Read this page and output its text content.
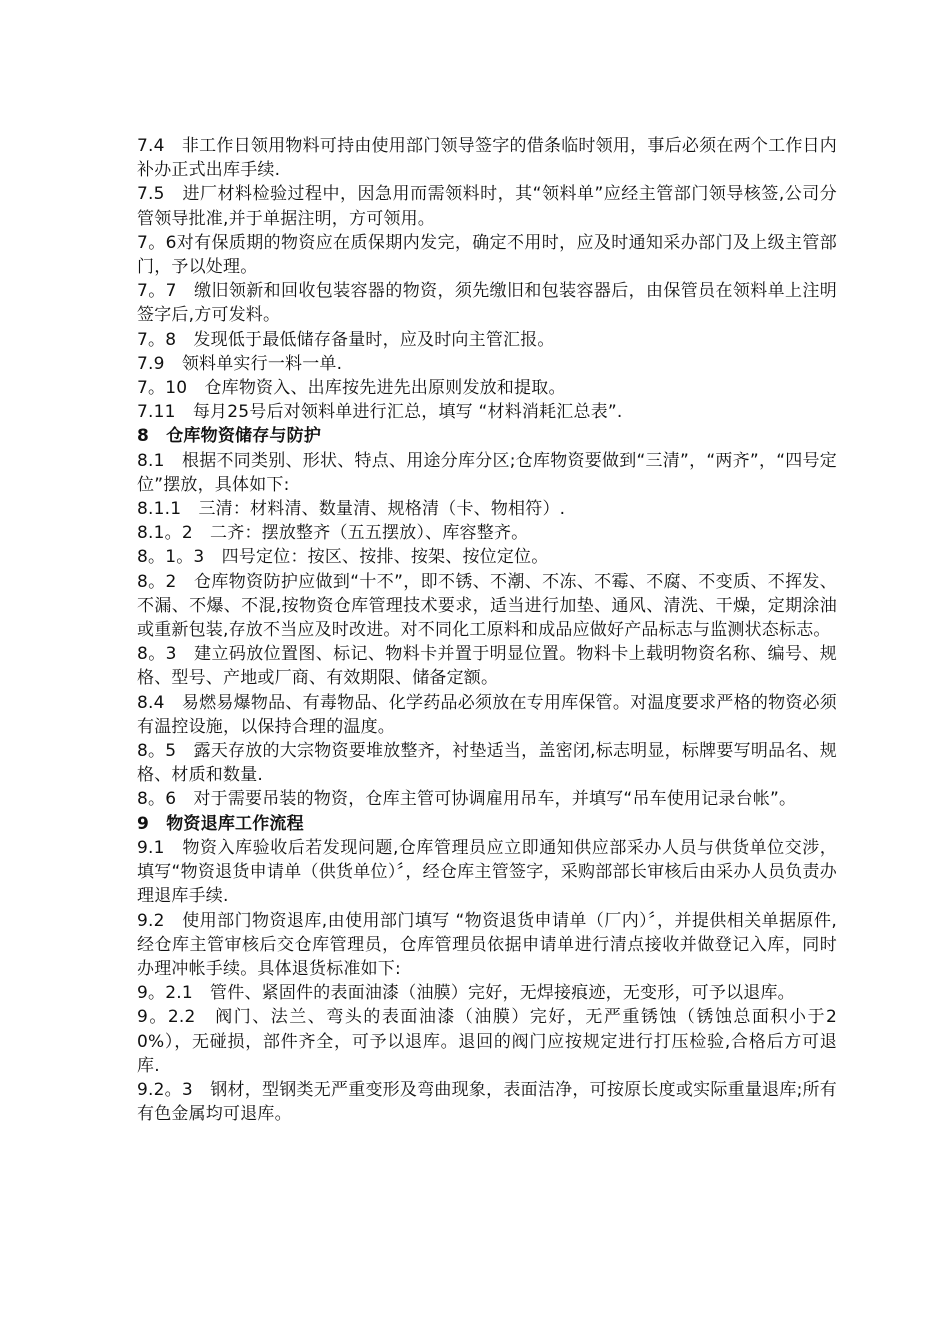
7.4　非工作日领用物料可持由使用部门领导签字的借条临时领用，事后必须在两个工作日内补办正式出库手续.

7.5　进厂材料检验过程中，因急用而需领料时，其“领料单”应经主管部门领导核签,公司分管领导批准,并于单据注明，方可领用。

7。6对有保质期的物资应在质保期内发完，确定不用时，应及时通知采办部门及上级主管部门，予以处理。

7。7　缴旧领新和回收包装容器的物资，须先缴旧和包装容器后，由保管员在领料单上注明签字后,方可发料。

7。8　发现低于最低储存备量时，应及时向主管汇报。

7.9　领料单实行一料一单.

7。10　仓库物资入、出库按先进先出原则发放和提取。

7.11　每月25号后对领料单进行汇总，填写 “材料消耗汇总表”.

8　仓库物资储存与防护

8.1　根据不同类别、形状、特点、用途分库分区;仓库物资要做到“三清”，“两齐”，“四号定位”摆放，具体如下:

8.1.1　三清：材料清、数量清、规格清（卡、物相符）.

8.1。2　二齐：摆放整齐（五五摆放）、库容整齐。

8。1。3　四号定位：按区、按排、按架、按位定位。

8。2　仓库物资防护应做到“十不”，即不锈、不潮、不冻、不霉、不腐、不变质、不挥发、不漏、不爆、不混,按物资仓库管理技术要求，适当进行加垫、通风、清洗、干燥，定期涂油或重新包装,存放不当应及时改进。对不同化工原料和成品应做好产品标志与监测状态标志。

8。3　建立码放位置图、标记、物料卡并置于明显位置。物料卡上载明物资名称、编号、规格、型号、产地或厂商、有效期限、储备定额。

8.4　易燃易爆物品、有毒物品、化学药品必须放在专用库保管。对温度要求严格的物资必须有温控设施，以保持合理的温度。

8。5　露天存放的大宗物资要堆放整齐，衬垫适当，盖密闭,标志明显，标牌要写明品名、规格、材质和数量.

8。6　对于需要吊装的物资，仓库主管可协调雇用吊车，并填写“吊车使用记录台帐”。

9　物资退库工作流程

9.1　物资入库验收后若发现问题,仓库管理员应立即通知供应部采办人员与供货单位交涉，填写“物资退货申请单（供货单位）〞，经仓库主管签字，采购部部长审核后由采办人员负责办理退库手续.

9.2　使用部门物资退库,由使用部门填写 “物资退货申请单（厂内）〞，并提供相关单据原件,经仓库主管审核后交仓库管理员，仓库管理员依据申请单进行清点接收并做登记入库，同时办理冲帐手续。具体退货标准如下:

9。2.1　管件、紧固件的表面油漆（油膜）完好，无焊接痕迹，无变形，可予以退库。

9。2.2　阀门、法兰、弯头的表面油漆（油膜）完好，无严重锈蚀（锈蚀总面积小于20%），无碰损，部件齐全，可予以退库。退回的阀门应按规定进行打压检验,合格后方可退库.

9.2。3　钢材，型钢类无严重变形及弯曲现象，表面洁净，可按原长度或实际重量退库;所有有色金属均可退库。
